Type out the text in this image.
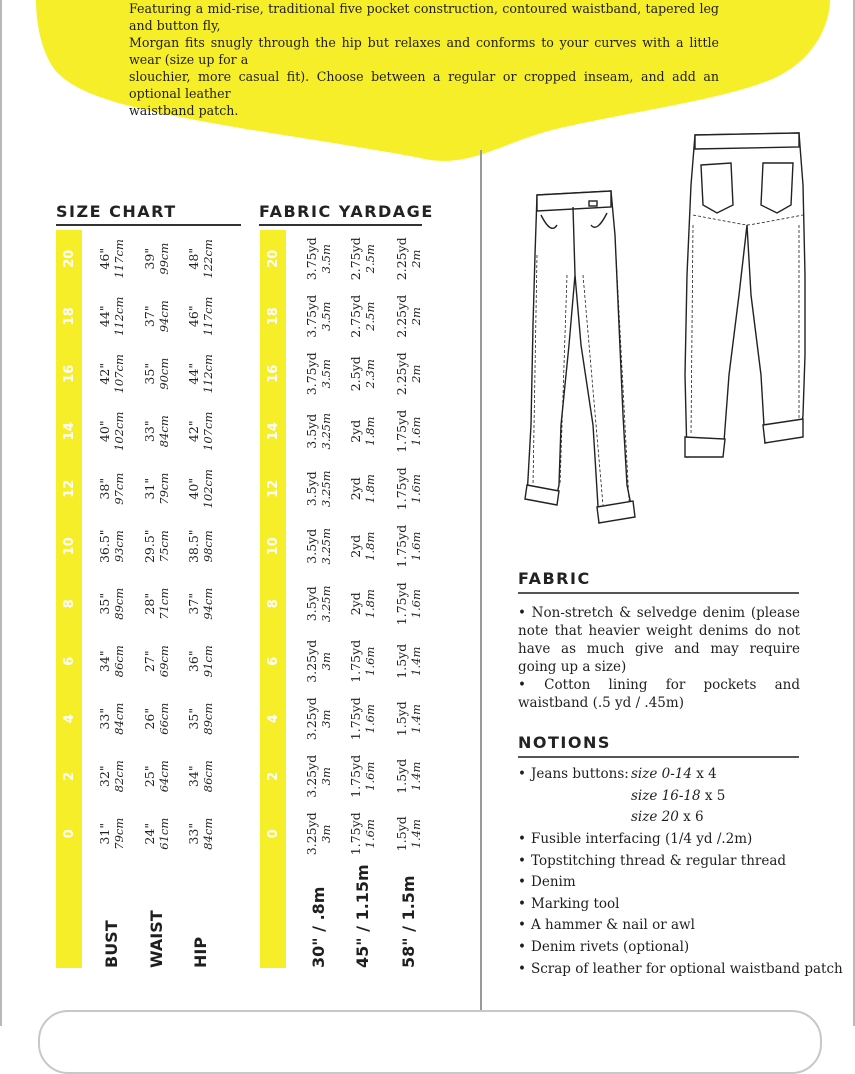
Featuring a mid-rise, traditional five pocket construction, contoured waistband, tapered leg and button fly,

Morgan fits snugly through the hip but relaxes and conforms to your curves with a little wear (size up for a

slouchier, more casual fit). Choose between a regular or cropped inseam, and add an optional leather

waistband patch.

SIZE CHART	FABRIC YARDAGE
20 46" 117cm 39" 99cm 48" 122cm
18 44" 112cm 37" 94cm 46" 117cm
16 42" 107cm 35" 90cm 44" 112cm
14 40" 102cm 33" 84cm 42" 107cm
12 38" 97cm 31" 79cm 40" 102cm
10 36.5" 93cm 29.5" 75cm 38.5" 98cm
8 35" 89cm 28" 71cm 37" 94cm
6 34" 86cm 27" 69cm 36" 91cm
4 33" 84cm 26" 66cm 35" 89cm
2 32" 82cm 25" 64cm 34" 86cm
0 31" 79cm 24" 61cm 33" 84cm
BUST WAIST HIP
20 3.75yd 3.5m 2.75yd 2.5m 2.25yd 2m
18 3.75yd 3.5m 2.75yd 2.5m 2.25yd 2m
16 3.75yd 3.5m 2.5yd 2.3m 2.25yd 2m
14 3.5yd 3.25m 2yd 1.8m 1.75yd 1.6m
12 3.5yd 3.25m 2yd 1.8m 1.75yd 1.6m
10 3.5yd 3.25m 2yd 1.8m 1.75yd 1.6m
8 3.5yd 3.25m 2yd 1.8m 1.75yd 1.6m
6 3.25yd 3m 1.75yd 1.6m 1.5yd 1.4m
4 3.25yd 3m 1.75yd 1.6m 1.5yd 1.4m
2 3.25yd 3m 1.75yd 1.6m 1.5yd 1.4m
0 3.25yd 3m 1.75yd 1.6m 1.5yd 1.4m
30" / .8m 45" / 1.15m 58" / 1.5m
FABRIC

• Non-stretch & selvedge denim (please note that heavier weight denims do not have as much give and may require going up a size)

• Cotton lining for pockets and waistband (.5 yd / .45m)

NOTIONS
• Jeans buttons: size 0-14 x 4
size 16-18 x 5
size 20 x 6
• Fusible interfacing (1/4 yd /.2m)
• Topstitching thread & regular thread
• Denim
• Marking tool
• A hammer & nail or awl
• Denim rivets (optional)
• Scrap of leather for optional waistband patch
